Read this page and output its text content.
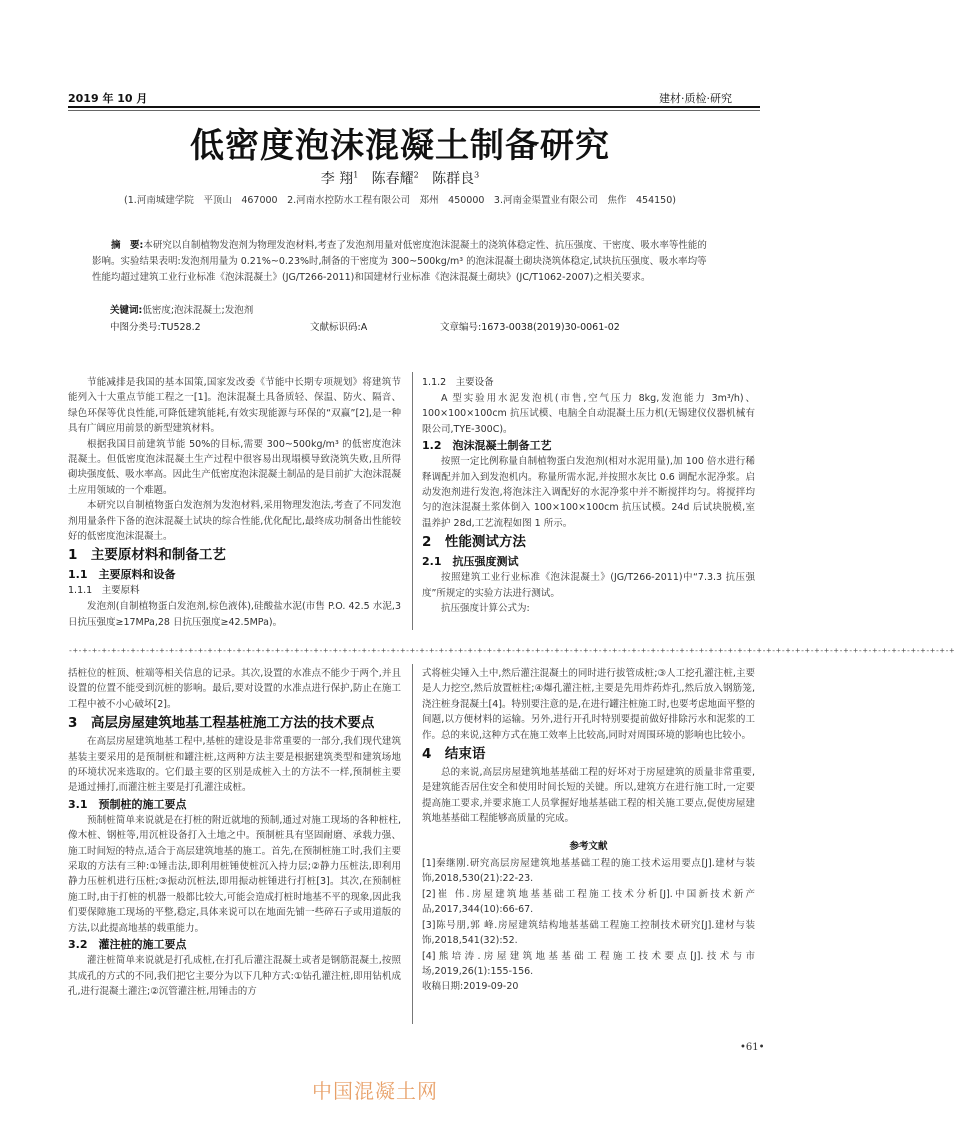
2019 年 10 月	建材·质检·研究
低密度泡沫混凝土制备研究
李 翔$^1$ 陈春耀$^2$ 陈群良$^3$
(1.河南城建学院　平顶山　467000　2.河南水控防水工程有限公司　郑州　450000　3.河南金渠置业有限公司　焦作　454150)
摘　要:本研究以自制植物发泡剂为物理发泡材料,考查了发泡剂用量对低密度泡沫混凝土的浇筑体稳定性、抗压强度、干密度、吸水率等性能的影响。实验结果表明:发泡剂用量为 0.21%~0.23%时,制备的干密度为 300~500kg/m³ 的泡沫混凝土砌块浇筑体稳定,试块抗压强度、吸水率均等性能均超过建筑工业行业标准《泡沫混凝土》(JG/T266-2011)和国建材行业标准《泡沫混凝土砌块》(JC/T1062-2007)之相关要求。
关键词:低密度;泡沫混凝土;发泡剂
中图分类号:TU528.2	文献标识码:A	文章编号:1673-0038(2019)30-0061-02

节能减排是我国的基本国策,国家发改委《节能中长期专项规划》将建筑节能列入十大重点节能工程之一[1]。泡沫混凝土具备质轻、保温、防火、隔音、绿色环保等优良性能,可降低建筑能耗,有效实现能源与环保的“双赢”[2],是一种具有广阔应用前景的新型建筑材料。

根据我国目前建筑节能 50%的目标,需要 300~500kg/m³ 的低密度泡沫混凝土。但低密度泡沫混凝土生产过程中很容易出现塌模导致浇筑失败,且所得砌块强度低、吸水率高。因此生产低密度泡沫混凝土制品的是目前扩大泡沫混凝土应用领域的一个难题。

本研究以自制植物蛋白发泡剂为发泡材料,采用物理发泡法,考查了不同发泡剂用量条件下备的泡沫混凝土试块的综合性能,优化配比,最终成功制备出性能较好的低密度泡沫混凝土。

1　主要原材料和制备工艺
1.1　主要原料和设备
1.1.1　主要原料

发泡剂(自制植物蛋白发泡剂,棕色液体),硅酸盐水泥(市售 P.O. 42.5 水泥,3 日抗压强度≥17MPa,28 日抗压强度≥42.5MPa)。

1.1.2　主要设备

A 型实验用水泥发泡机(市售,空气压力 8kg,发泡能力 3m³/h)、100×100×100cm 抗压试模、电脑全自动混凝土压力机(无锡建仪仪器机械有限公司,TYE-300C)。

1.2　泡沫混凝土制备工艺

按照一定比例称量自制植物蛋白发泡剂(相对水泥用量),加 100 倍水进行稀释调配并加入到发泡机内。称量所需水泥,并按照水灰比 0.6 调配水泥净浆。启动发泡剂进行发泡,将泡沫注入调配好的水泥净浆中并不断搅拌均匀。将搅拌均匀的泡沫混凝土浆体倒入 100×100×100cm 抗压试模。24d 后试块脱模,室温养护 28d,工艺流程如图 1 所示。

2　性能测试方法
2.1　抗压强度测试

按照建筑工业行业标准《泡沫混凝土》(JG/T266-2011)中“7.3.3 抗压强度”所规定的实验方法进行测试。

抗压强度计算公式为:

-+-+-+-+-+-+-+-+-+-+-+-+-+-+-+-+-+-+-+-+-+-+-+-+-+-+-+-+-+-+-+-+-+-+-+-+-+-+-+-+-+-+-+-+-+-+-+-+-+-+-+-+-+-+-+-+-+-+-+-+-+-+-+-+-+-+-+-+-+-+-+-+-+-+-+-+-+-+-+-+-+-+-+-+-+-+-+-+-+-+-+-+

括桩位的桩顶、桩端等相关信息的记录。其次,设置的水准点不能少于两个,并且设置的位置不能受到沉桩的影响。最后,要对设置的水准点进行保护,防止在施工工程中被不小心破坏[2]。

3　高层房屋建筑地基工程基桩施工方法的技术要点

在高层房屋建筑地基工程中,基桩的建设是非常重要的一部分,我们现代建筑基装主要采用的是预制桩和罐注桩,这两种方法主要是根据建筑类型和建筑场地的环境状况来选取的。它们最主要的区别是成桩入土的方法不一样,预制桩主要是通过捶打,而灌注桩主要是打孔灌注成桩。

3.1　预制桩的施工要点

预制桩简单来说就是在打桩的附近就地的预制,通过对施工现场的各种桩柱,像木桩、钢桩等,用沉桩设备打入土地之中。预制桩具有坚固耐磨、承载力强、施工时间短的特点,适合于高层建筑地基的施工。首先,在预制桩施工时,我们主要采取的方法有三种:①锤击法,即利用桩锤使桩沉入持力层;②静力压桩法,即利用静力压桩机进行压桩;③振动沉桩法,即用振动桩锤进行打桩[3]。其次,在预制桩施工时,由于打桩的机器一般都比较大,可能会造成打桩时地基不平的现象,因此我们要保障施工现场的平整,稳定,具体来说可以在地面先铺一些碎石子或用道版的方法,以此提高地基的载重能力。

3.2　灌注桩的施工要点

灌注桩简单来说就是打孔成桩,在打孔后灌注混凝土或者是钢筋混凝土,按照其成孔的方式的不同,我们把它主要分为以下几种方式:①钻孔灌注桩,即用钻机成孔,进行混凝土灌注;②沉管灌注桩,用锤击的方

式将桩尖锤入土中,然后灌注混凝土的同时进行拔管成桩;③人工挖孔灌注桩,主要是人力挖空,然后放置桩柱;④爆孔灌注桩,主要是先用炸药炸孔,然后放入钢筋笼,浇注桩身混凝土[4]。特别要注意的是,在进行罐注桩施工时,也要考虑地面平整的间题,以方便材料的运输。另外,进行开孔时特别要提前做好排除污水和泥浆的工作。总的来说,这种方式在施工效率上比较高,同时对周围环境的影响也比较小。

4　结束语

总的来说,高层房屋建筑地基基础工程的好坏对于房屋建筑的质量非常重要,是建筑能否居住安全和使用时间长短的关键。所以,建筑方在进行施工时,一定要提高施工要求,并要求施工人员掌握好地基基础工程的相关施工要点,促使房屋建筑地基基础工程能够高质量的完成。

参考文献

[1]秦继刚.研究高层房屋建筑地基基础工程的施工技术运用要点[J].建材与装饰,2018,530(21):22-23.

[2]崔 伟.房屋建筑地基基础工程施工技术分析[J].中国新技术新产品,2017,344(10):66-67.

[3]陈号朋,郭 峰.房屋建筑结构地基基础工程施工控制技术研究[J].建材与装饰,2018,541(32):52.

[4]熊培涛.房屋建筑地基基础工程施工技术要点[J].技术与市场,2019,26(1):155-156.

收稿日期:2019-09-20

•61•
中国混凝土网
